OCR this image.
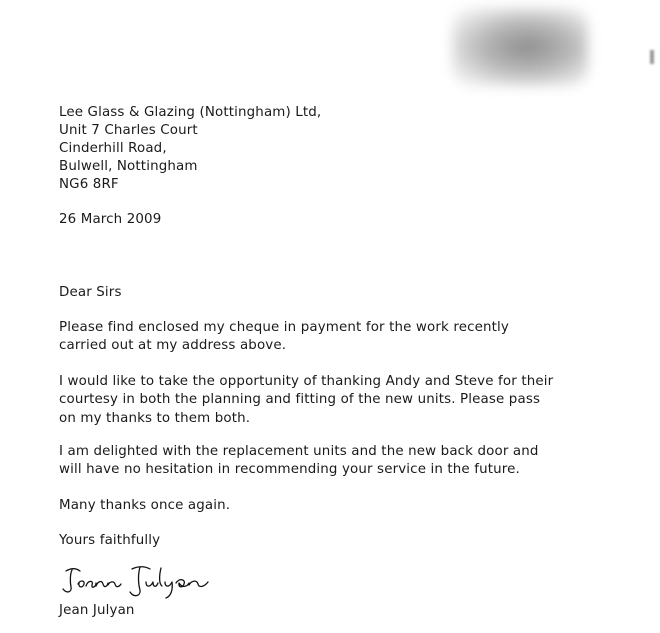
Lee Glass & Glazing (Nottingham) Ltd,
Unit 7 Charles Court
Cinderhill Road,
Bulwell, Nottingham
NG6 8RF
26 March 2009
Dear Sirs
Please find enclosed my cheque in payment for the work recently
carried out at my address above.
I would like to take the opportunity of thanking Andy and Steve for their
courtesy in both the planning and fitting of the new units. Please pass
on my thanks to them both.
I am delighted with the replacement units and the new back door and
will have no hesitation in recommending your service in the future.
Many thanks once again.
Yours faithfully
Jean Julyan
